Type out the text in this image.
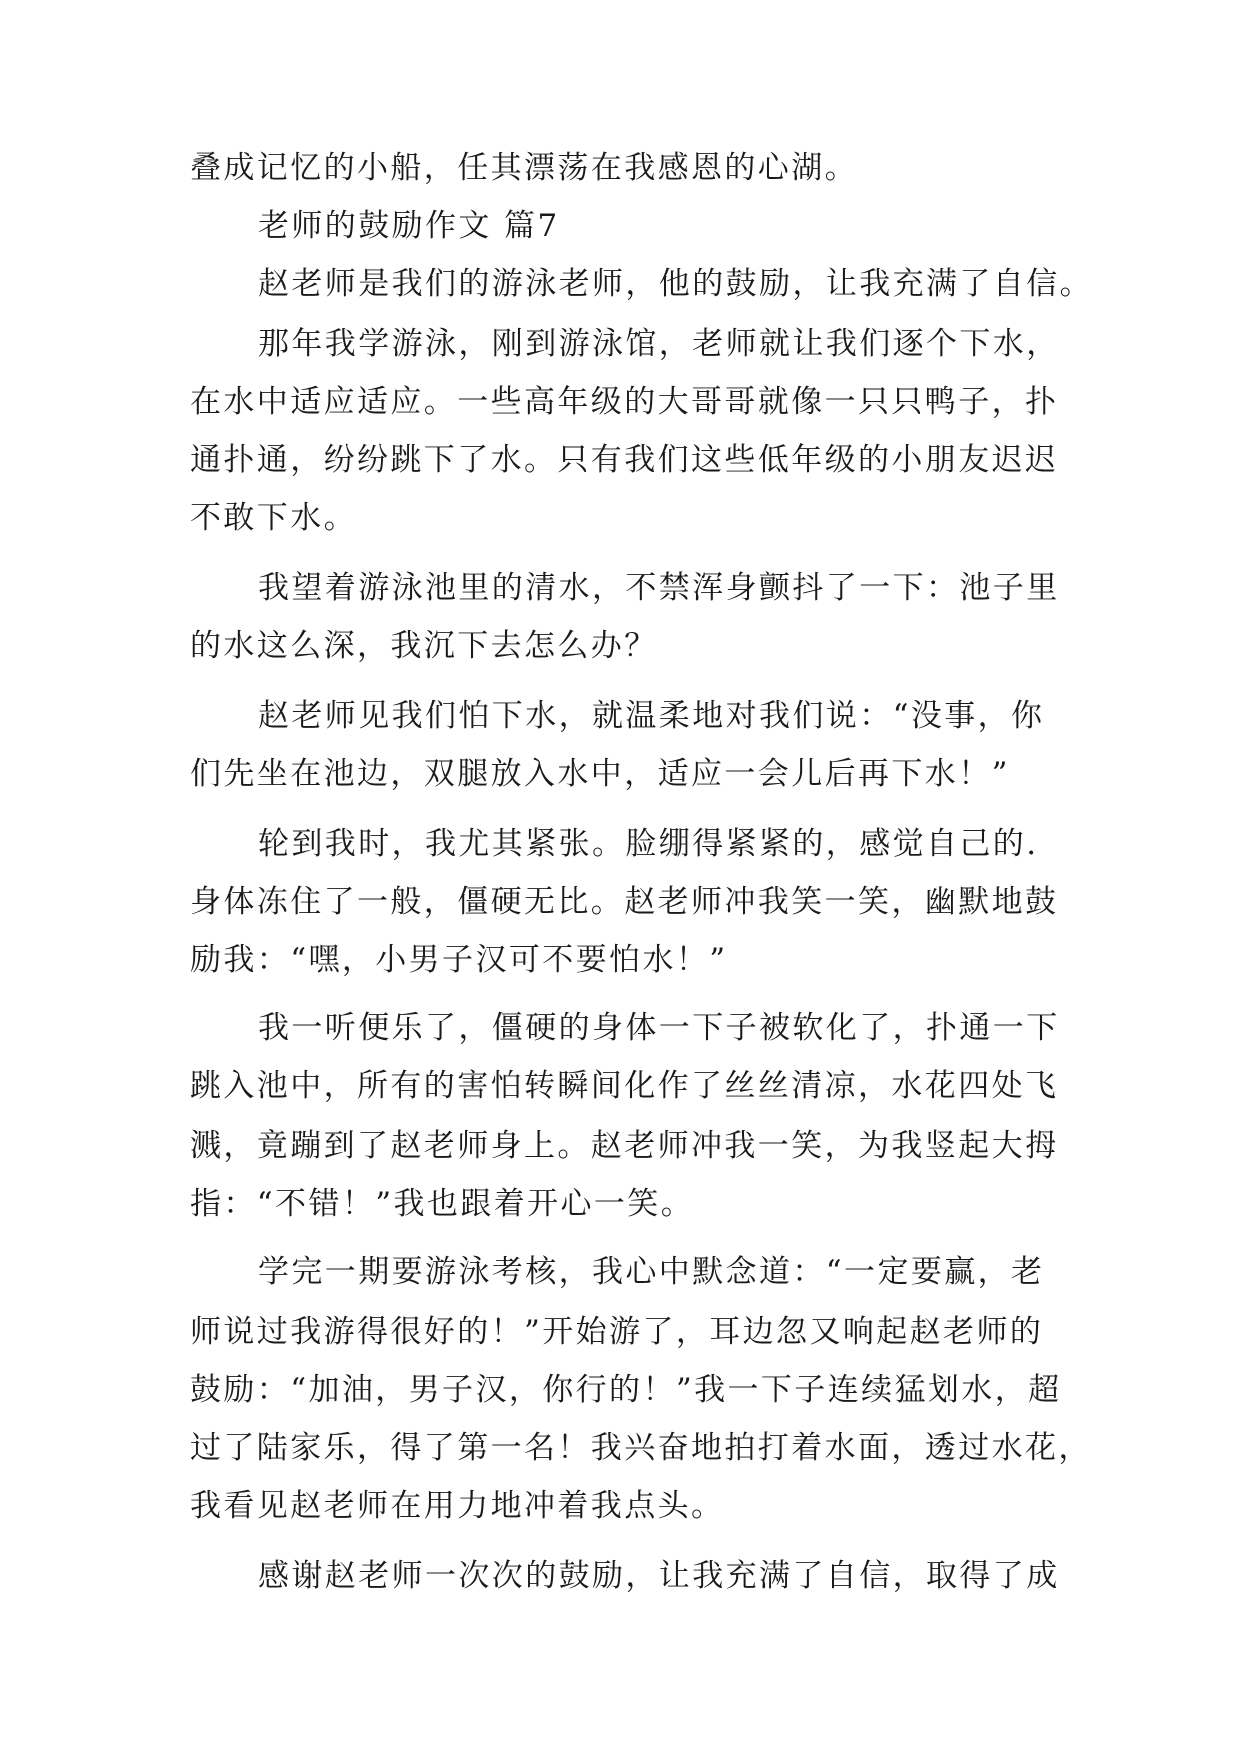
叠成记忆的小船，任其漂荡在我感恩的心湖。
老师的鼓励作文 篇7
赵老师是我们的游泳老师，他的鼓励，让我充满了自信。
那年我学游泳，刚到游泳馆，老师就让我们逐个下水，
在水中适应适应。一些高年级的大哥哥就像一只只鸭子，扑
通扑通，纷纷跳下了水。只有我们这些低年级的小朋友迟迟
不敢下水。
我望着游泳池里的清水，不禁浑身颤抖了一下：池子里
的水这么深，我沉下去怎么办？
赵老师见我们怕下水，就温柔地对我们说：“没事，你
们先坐在池边，双腿放入水中，适应一会儿后再下水！”
轮到我时，我尤其紧张。脸绷得紧紧的，感觉自己的.
身体冻住了一般，僵硬无比。赵老师冲我笑一笑，幽默地鼓
励我：“嘿，小男子汉可不要怕水！”
我一听便乐了，僵硬的身体一下子被软化了，扑通一下
跳入池中，所有的害怕转瞬间化作了丝丝清凉，水花四处飞
溅，竟蹦到了赵老师身上。赵老师冲我一笑，为我竖起大拇
指：“不错！”我也跟着开心一笑。
学完一期要游泳考核，我心中默念道：“一定要赢，老
师说过我游得很好的！”开始游了，耳边忽又响起赵老师的
鼓励：“加油，男子汉，你行的！”我一下子连续猛划水，超
过了陆家乐，得了第一名！我兴奋地拍打着水面，透过水花，
我看见赵老师在用力地冲着我点头。
感谢赵老师一次次的鼓励，让我充满了自信，取得了成
